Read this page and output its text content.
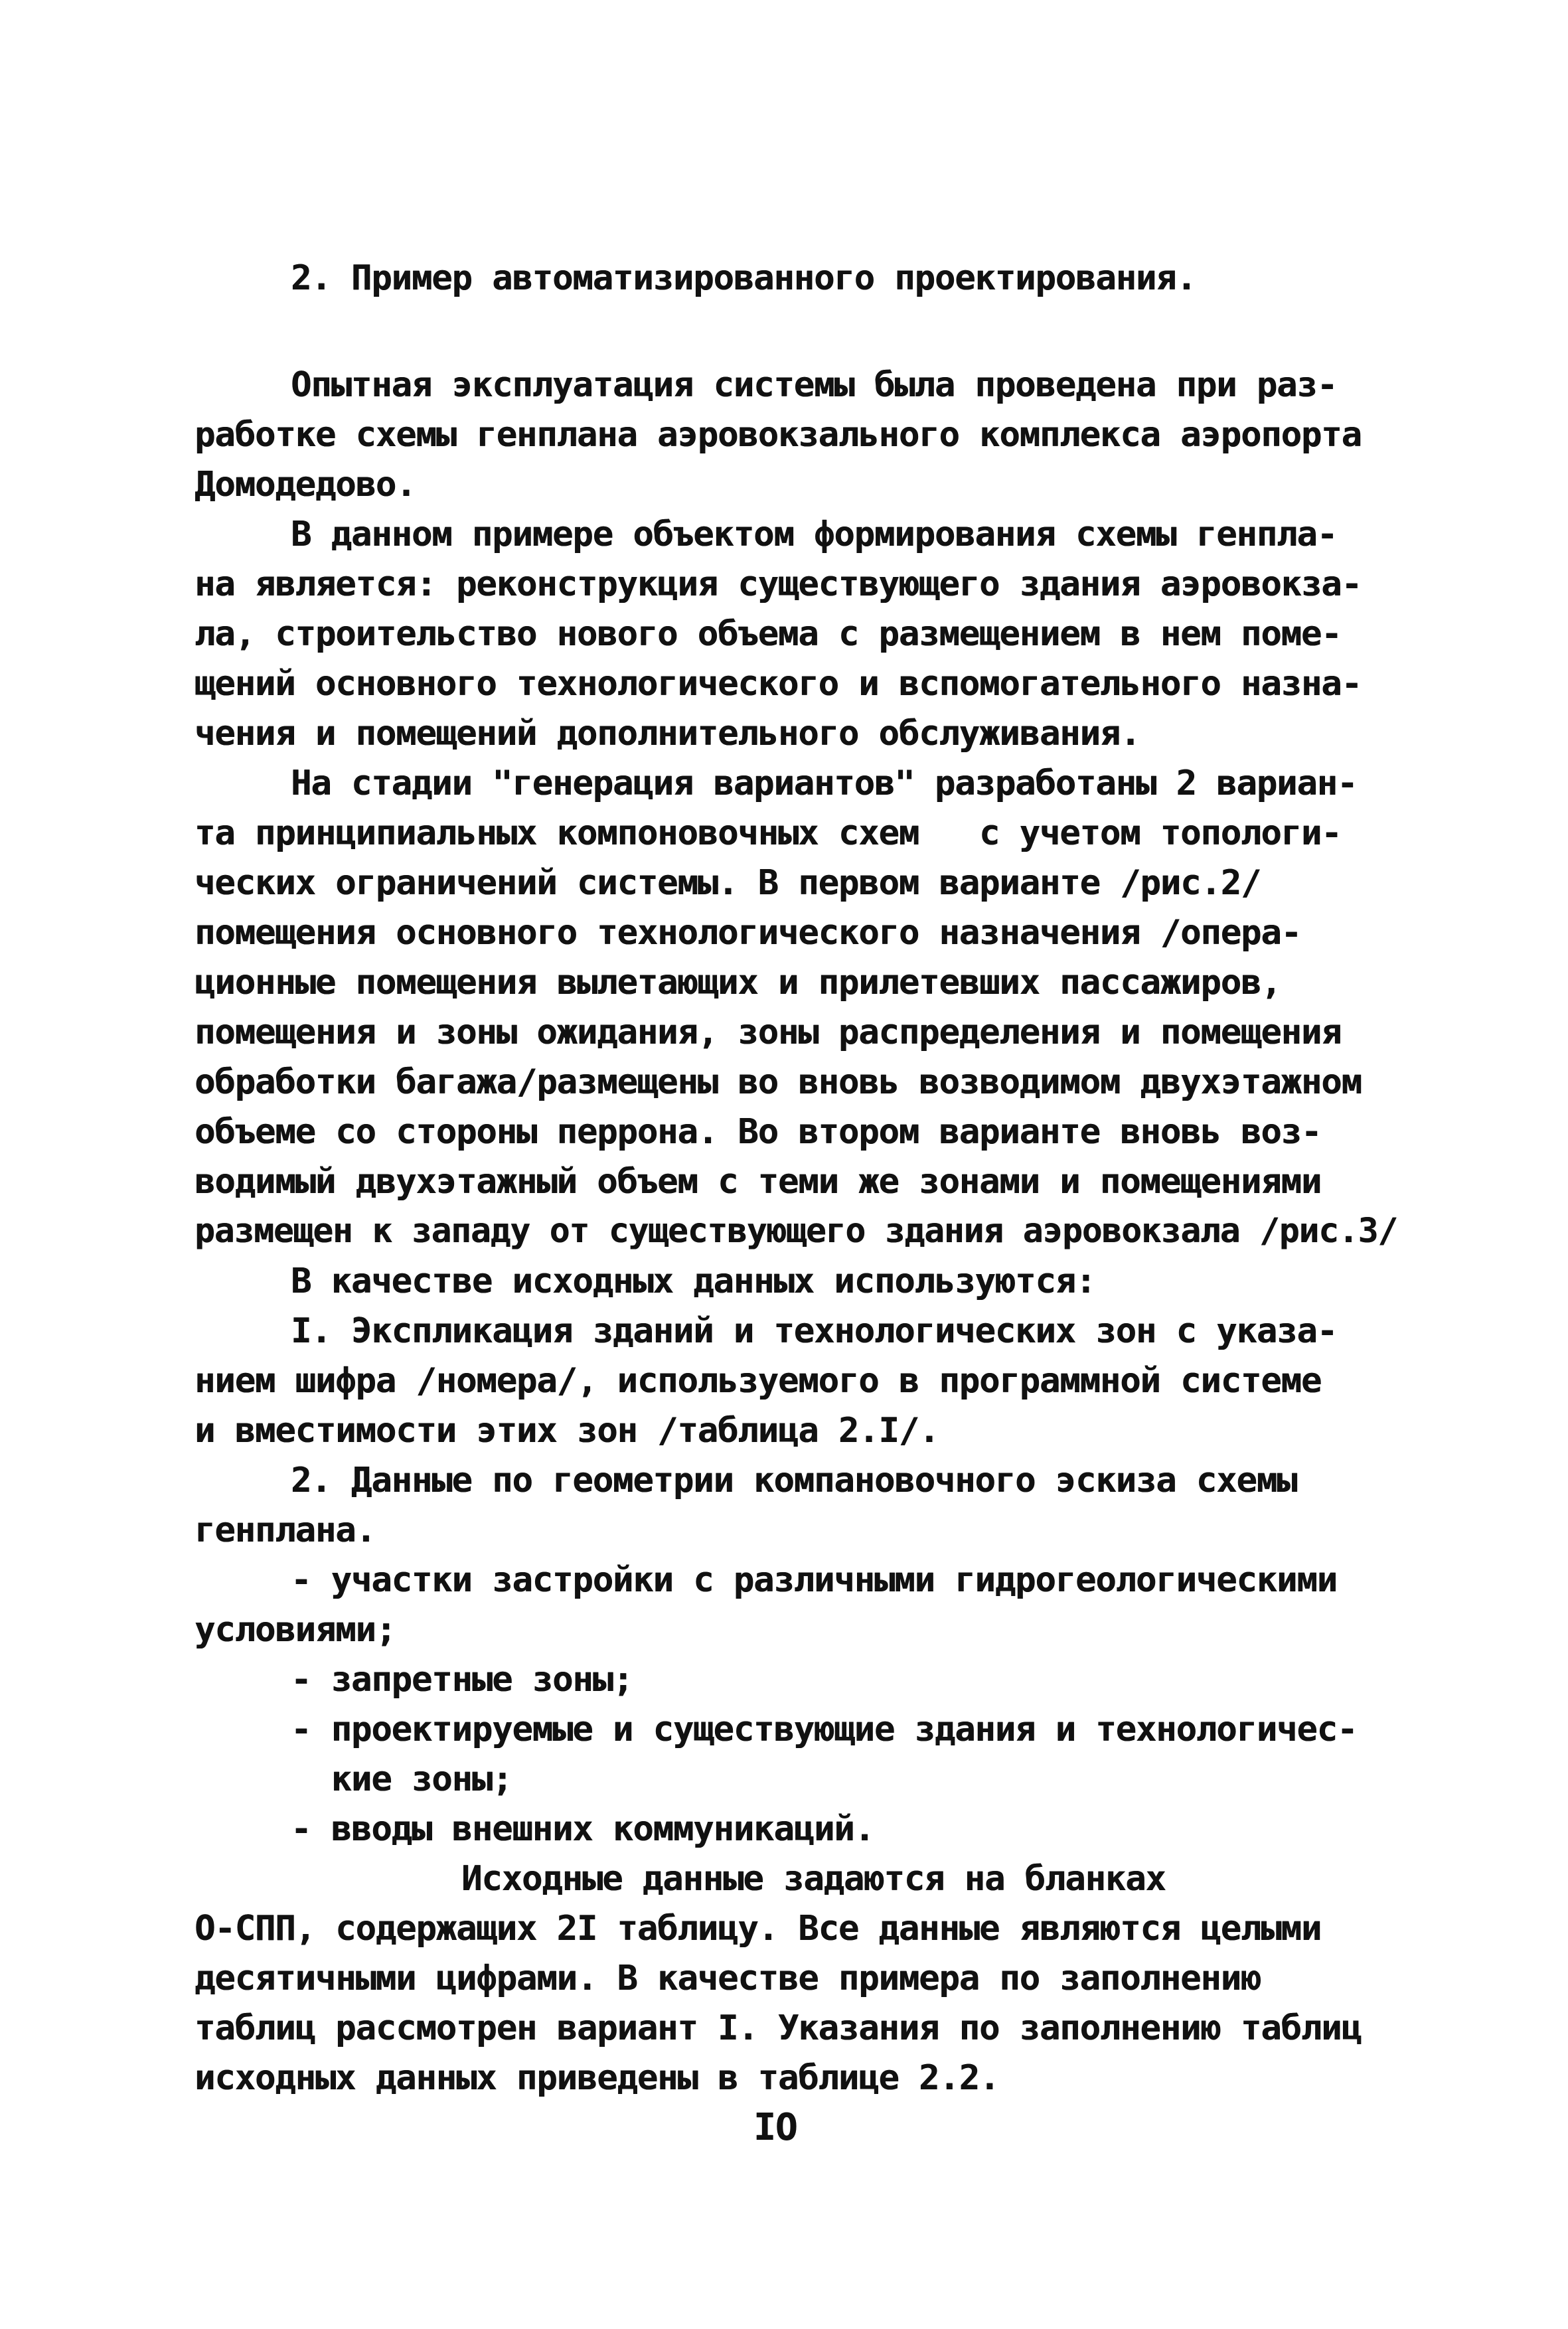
2. Пример автоматизированного проектирования.
Опытная эксплуатация системы была проведена при раз-
работке схемы генплана аэровокзального комплекса аэропорта
Домодедово.
В данном примере объектом формирования схемы генпла-
на является: реконструкция существующего здания аэровокза-
ла, строительство нового объема с размещением в нем поме-
щений основного технологического и вспомогательного назна-
чения и помещений дополнительного обслуживания.
На стадии "генерация вариантов" разработаны 2 вариан-
та принципиальных компоновочных схем   с учетом топологи-
ческих ограничений системы. В первом варианте /рис.2/
помещения основного технологического назначения /опера-
ционные помещения вылетающих и прилетевших пассажиров,
помещения и зоны ожидания, зоны распределения и помещения
обработки багажа/размещены во вновь возводимом двухэтажном
объеме со стороны перрона. Во втором варианте вновь воз-
водимый двухэтажный объем с теми же зонами и помещениями
размещен к западу от существующего здания аэровокзала /рис.3/
В качестве исходных данных используются:
I. Экспликация зданий и технологических зон с указа-
нием шифра /номера/, используемого в программной системе
и вместимости этих зон /таблица 2.I/.
2. Данные по геометрии компановочного эскиза схемы
генплана.
- участки застройки с различными гидрогеологическими
условиями;
- запретные зоны;
- проектируемые и существующие здания и технологичес-
кие зоны;
- вводы внешних коммуникаций.
Исходные данные задаются на бланках
О-СПП, содержащих 2I таблицу. Все данные являются целыми
десятичными цифрами. В качестве примера по заполнению
таблиц рассмотрен вариант I. Указания по заполнению таблиц
исходных данных приведены в таблице 2.2.
IO
